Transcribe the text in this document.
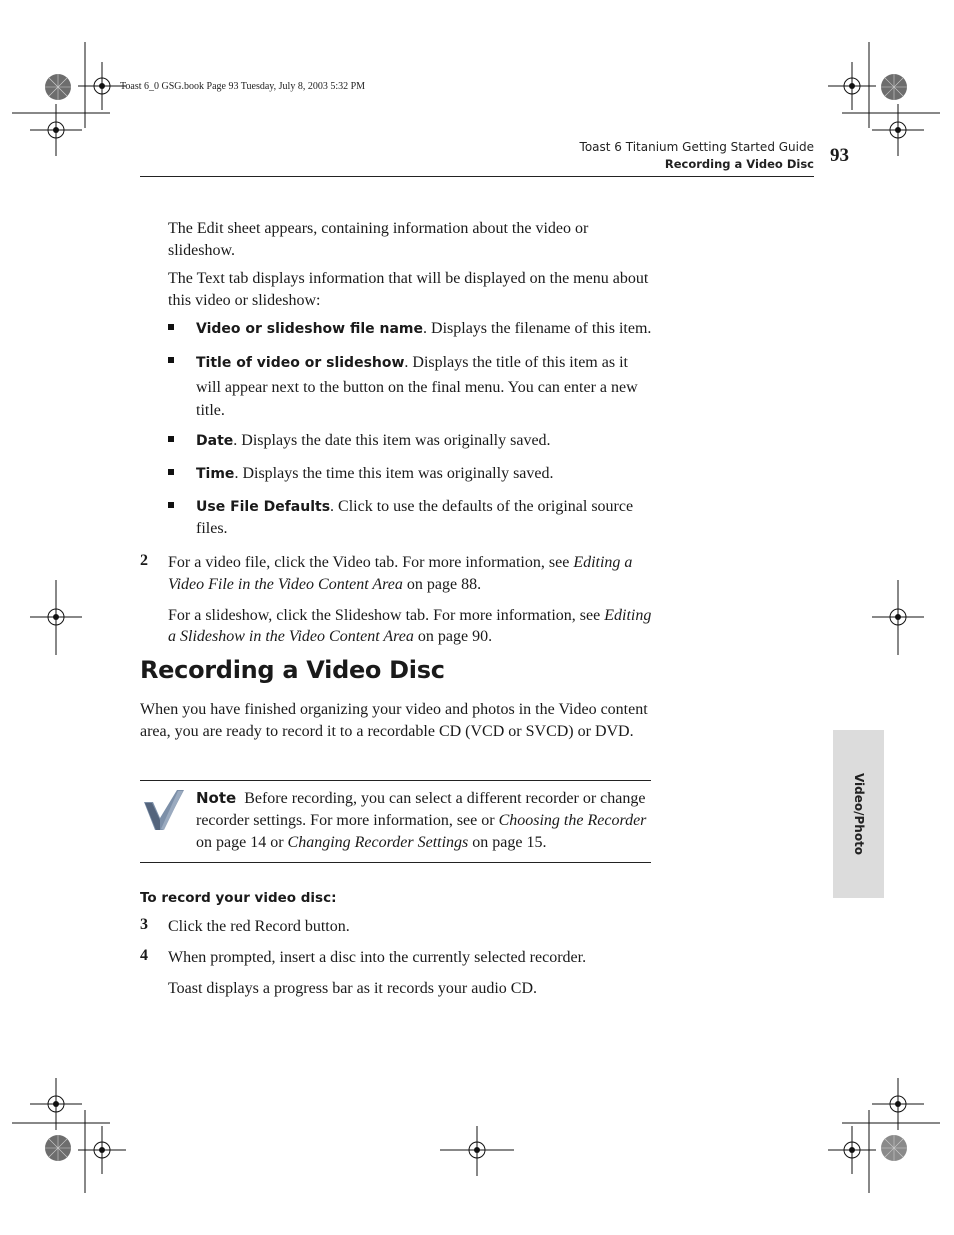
Toast 6_0 GSG.book Page 93 Tuesday, July 8, 2003 5:32 PM
Toast 6 Titanium Getting Started Guide
Recording a Video Disc 93
The Edit sheet appears, containing information about the video or slideshow.
The Text tab displays information that will be displayed on the menu about this video or slideshow:
Video or slideshow file name. Displays the filename of this item.
Title of video or slideshow. Displays the title of this item as it will appear next to the button on the final menu. You can enter a new title.
Date. Displays the date this item was originally saved.
Time. Displays the time this item was originally saved.
Use File Defaults. Click to use the defaults of the original source files.
2 For a video file, click the Video tab. For more information, see Editing a Video File in the Video Content Area on page 88.
For a slideshow, click the Slideshow tab. For more information, see Editing a Slideshow in the Video Content Area on page 90.
Recording a Video Disc
When you have finished organizing your video and photos in the Video content area, you are ready to record it to a recordable CD (VCD or SVCD) or DVD.
Note Before recording, you can select a different recorder or change recorder settings. For more information, see or Choosing the Recorder on page 14 or Changing Recorder Settings on page 15.
To record your video disc:
3 Click the red Record button.
4 When prompted, insert a disc into the currently selected recorder.
Toast displays a progress bar as it records your audio CD.
Video/Photo
